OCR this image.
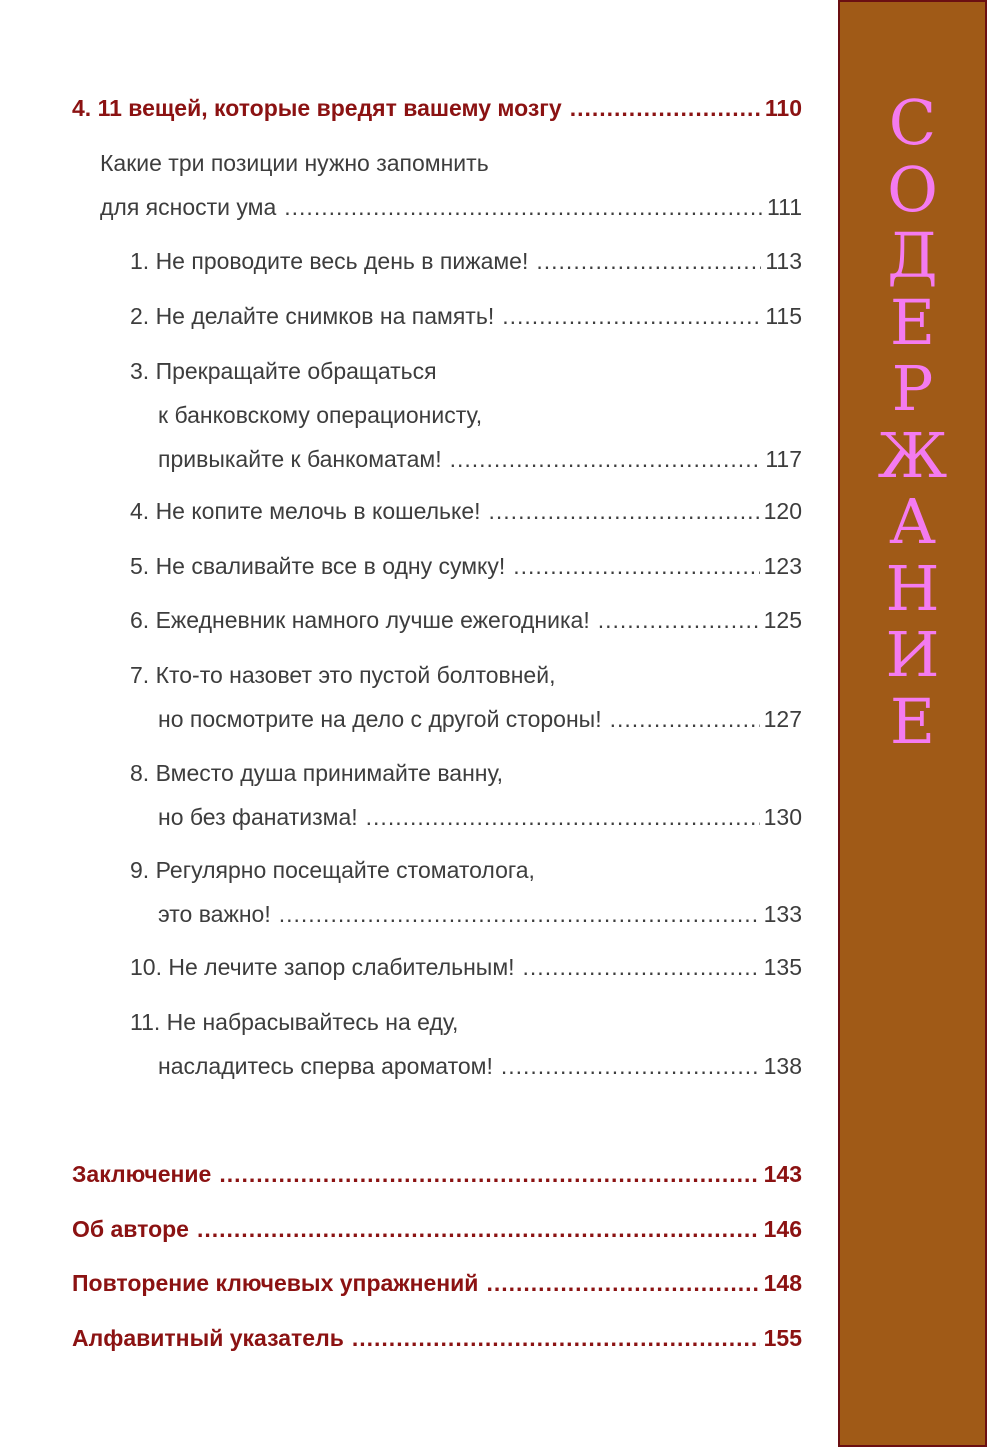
4. 11 вещей, которые вредят вашему мозгу .....	110
Какие три позиции нужно запомнить
для ясности ума .....	111
1. Не проводите весь день в пижаме! .....	113
2. Не делайте снимков на память! .....	115
3. Прекращайте обращаться
к банковскому операционисту,
привыкайте к банкоматам! .....	117
4. Не копите мелочь в кошельке! .....	120
5. Не сваливайте все в одну сумку! .....	123
6. Ежедневник намного лучше ежегодника! .....	125
7. Кто-то назовет это пустой болтовней,
но посмотрите на дело с другой стороны! .....	127
8. Вместо душа принимайте ванну,
но без фанатизма! .....	130
9. Регулярно посещайте стоматолога,
это важно! .....	133
10. Не лечите запор слабительным! .....	135
11. Не набрасывайтесь на еду,
насладитесь сперва ароматом! .....	138
Заключение .....	143
Об авторе .....	146
Повторение ключевых упражнений .....	148
Алфавитный указатель .....	155
С
О
Д
Е
Р
Ж
А
Н
И
Е
